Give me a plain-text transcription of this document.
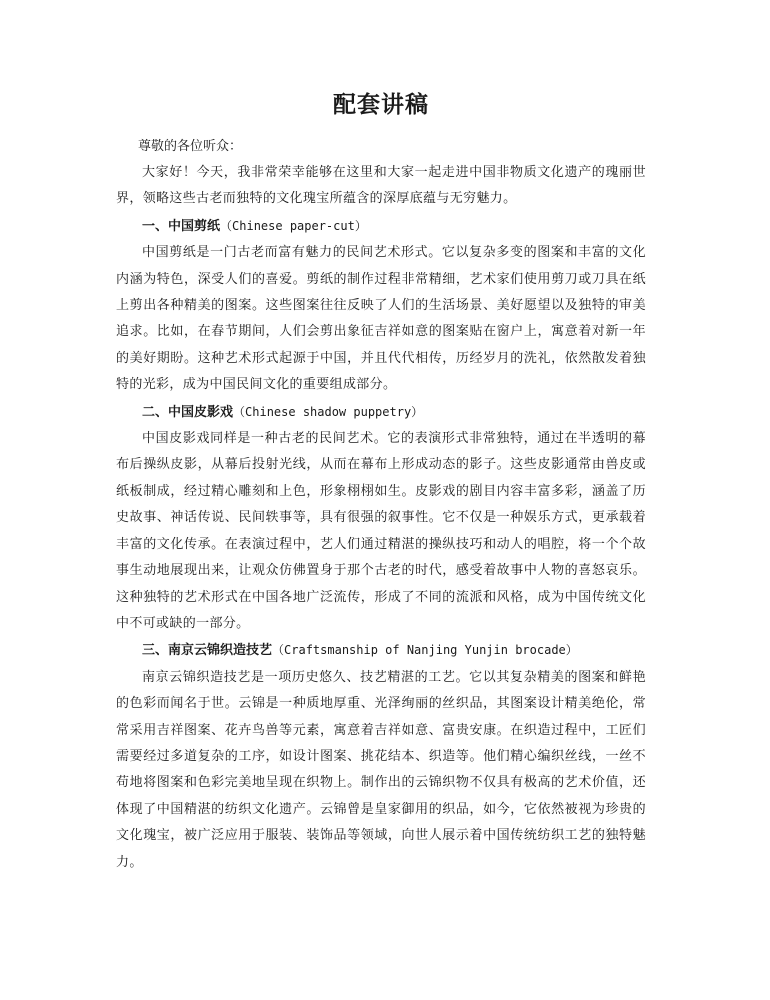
配套讲稿
尊敬的各位听众：

大家好！今天，我非常荣幸能够在这里和大家一起走进中国非物质文化遗产的瑰丽世界，领略这些古老而独特的文化瑰宝所蕴含的深厚底蕴与无穷魅力。

一、中国剪纸（Chinese paper-cut）

中国剪纸是一门古老而富有魅力的民间艺术形式。它以复杂多变的图案和丰富的文化内涵为特色，深受人们的喜爱。剪纸的制作过程非常精细，艺术家们使用剪刀或刀具在纸上剪出各种精美的图案。这些图案往往反映了人们的生活场景、美好愿望以及独特的审美追求。比如，在春节期间，人们会剪出象征吉祥如意的图案贴在窗户上，寓意着对新一年的美好期盼。这种艺术形式起源于中国，并且代代相传，历经岁月的洗礼，依然散发着独特的光彩，成为中国民间文化的重要组成部分。

二、中国皮影戏（Chinese shadow puppetry）

中国皮影戏同样是一种古老的民间艺术。它的表演形式非常独特，通过在半透明的幕布后操纵皮影，从幕后投射光线，从而在幕布上形成动态的影子。这些皮影通常由兽皮或纸板制成，经过精心雕刻和上色，形象栩栩如生。皮影戏的剧目内容丰富多彩，涵盖了历史故事、神话传说、民间轶事等，具有很强的叙事性。它不仅是一种娱乐方式，更承载着丰富的文化传承。在表演过程中，艺人们通过精湛的操纵技巧和动人的唱腔，将一个个故事生动地展现出来，让观众仿佛置身于那个古老的时代，感受着故事中人物的喜怒哀乐。这种独特的艺术形式在中国各地广泛流传，形成了不同的流派和风格，成为中国传统文化中不可或缺的一部分。

三、南京云锦织造技艺（Craftsmanship of Nanjing Yunjin brocade）

南京云锦织造技艺是一项历史悠久、技艺精湛的工艺。它以其复杂精美的图案和鲜艳的色彩而闻名于世。云锦是一种质地厚重、光泽绚丽的丝织品，其图案设计精美绝伦，常常采用吉祥图案、花卉鸟兽等元素，寓意着吉祥如意、富贵安康。在织造过程中，工匠们需要经过多道复杂的工序，如设计图案、挑花结本、织造等。他们精心编织丝线，一丝不苟地将图案和色彩完美地呈现在织物上。制作出的云锦织物不仅具有极高的艺术价值，还体现了中国精湛的纺织文化遗产。云锦曾是皇家御用的织品，如今，它依然被视为珍贵的文化瑰宝，被广泛应用于服装、装饰品等领域，向世人展示着中国传统纺织工艺的独特魅力。
